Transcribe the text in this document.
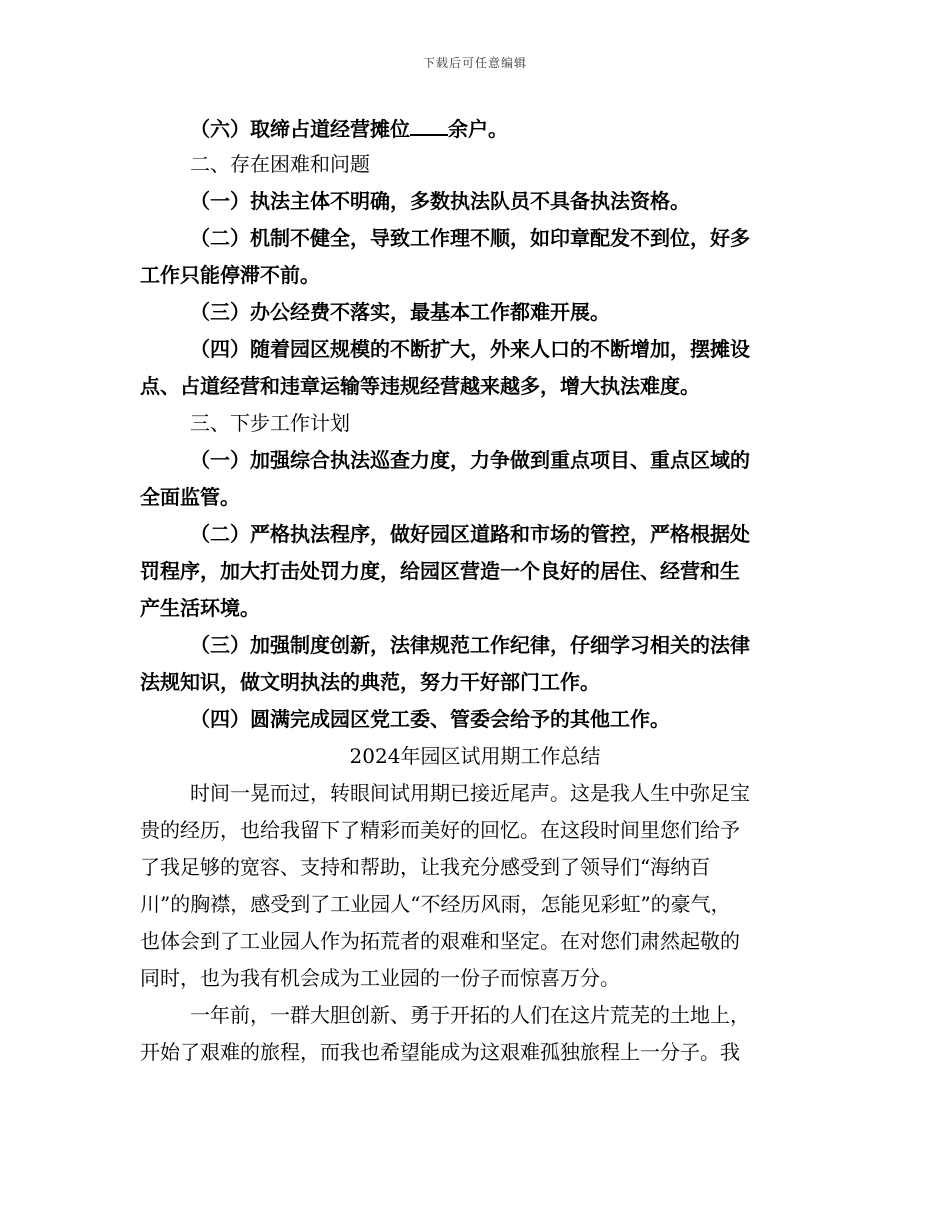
下载后可任意编辑
（六）取缔占道经营摊位 余户。
二、存在困难和问题
（一）执法主体不明确，多数执法队员不具备执法资格。
（二）机制不健全，导致工作理不顺，如印章配发不到位，好多
工作只能停滞不前。
（三）办公经费不落实，最基本工作都难开展。
（四）随着园区规模的不断扩大，外来人口的不断增加，摆摊设
点、占道经营和违章运输等违规经营越来越多，增大执法难度。
三、下步工作计划
（一）加强综合执法巡查力度，力争做到重点项目、重点区域的
全面监管。
（二）严格执法程序，做好园区道路和市场的管控，严格根据处
罚程序，加大打击处罚力度，给园区营造一个良好的居住、经营和生
产生活环境。
（三）加强制度创新，法律规范工作纪律，仔细学习相关的法律
法规知识，做文明执法的典范，努力干好部门工作。
（四）圆满完成园区党工委、管委会给予的其他工作。
2024年园区试用期工作总结
时间一晃而过，转眼间试用期已接近尾声。这是我人生中弥足宝
贵的经历，也给我留下了精彩而美好的回忆。在这段时间里您们给予
了我足够的宽容、支持和帮助，让我充分感受到了领导们“海纳百
川”的胸襟，感受到了工业园人“不经历风雨，怎能见彩虹”的豪气，
也体会到了工业园人作为拓荒者的艰难和坚定。在对您们肃然起敬的
同时，也为我有机会成为工业园的一份子而惊喜万分。
一年前，一群大胆创新、勇于开拓的人们在这片荒芜的土地上，
开始了艰难的旅程，而我也希望能成为这艰难孤独旅程上一分子。我
